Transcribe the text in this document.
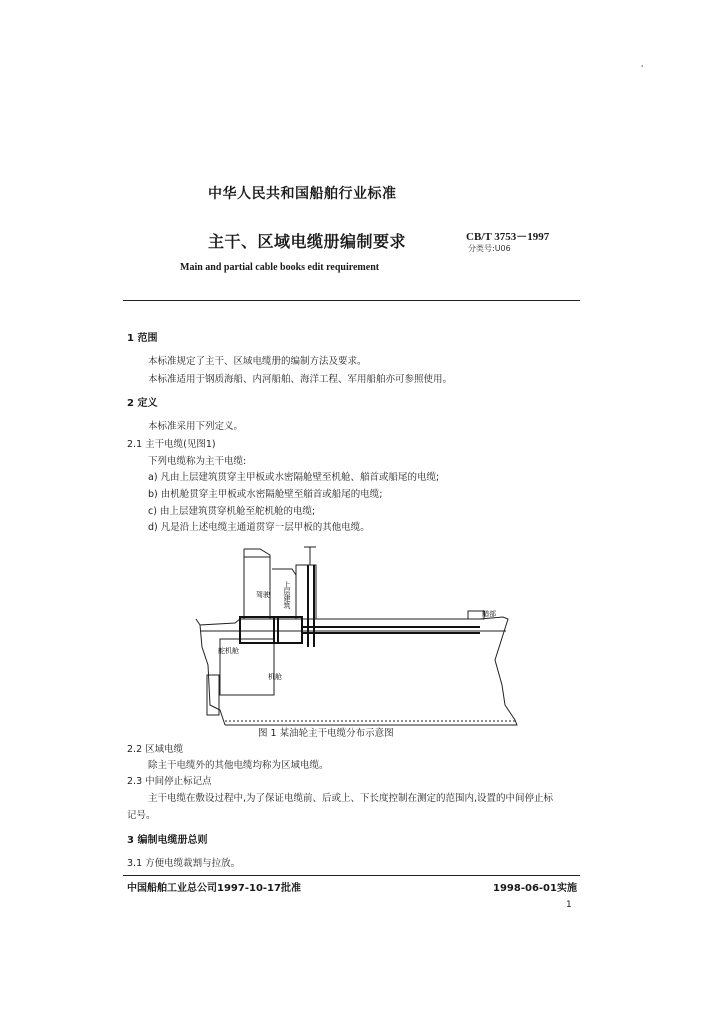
'
中华人民共和国船舶行业标准
主干、区域电缆册编制要求	CB/T 3753－1997
分类号:U06
Main and partial cable books edit requirement
1 范围
本标准规定了主干、区域电缆册的编制方法及要求。
本标准适用于钢质海船、内河船舶、海洋工程、军用船舶亦可参照使用。
2 定义
本标准采用下列定义。
2.1 主干电缆(见图1)
下列电缆称为主干电缆:
a) 凡由上层建筑贯穿主甲板或水密隔舱壁至机舱、艏首或船尾的电缆;
b) 由机舱贯穿主甲板或水密隔舱壁至艏首或船尾的电缆;
c) 由上层建筑贯穿机舱至舵机舱的电缆;
d) 凡是沿上述电缆主通道贯穿一层甲板的其他电缆。
驾驶 上层建筑
舵机舱
机舱
艏部
图 1 某油轮主干电缆分布示意图
2.2 区域电缆
除主干电缆外的其他电缆均称为区域电缆。
2.3 中间停止标记点
主干电缆在敷设过程中,为了保证电缆前、后或上、下长度控制在测定的范围内,设置的中间停止标
记号。
3 编制电缆册总则
3.1 方便电缆裁割与拉放。
中国船舶工业总公司1997-10-17批准	1998-06-01实施
1
